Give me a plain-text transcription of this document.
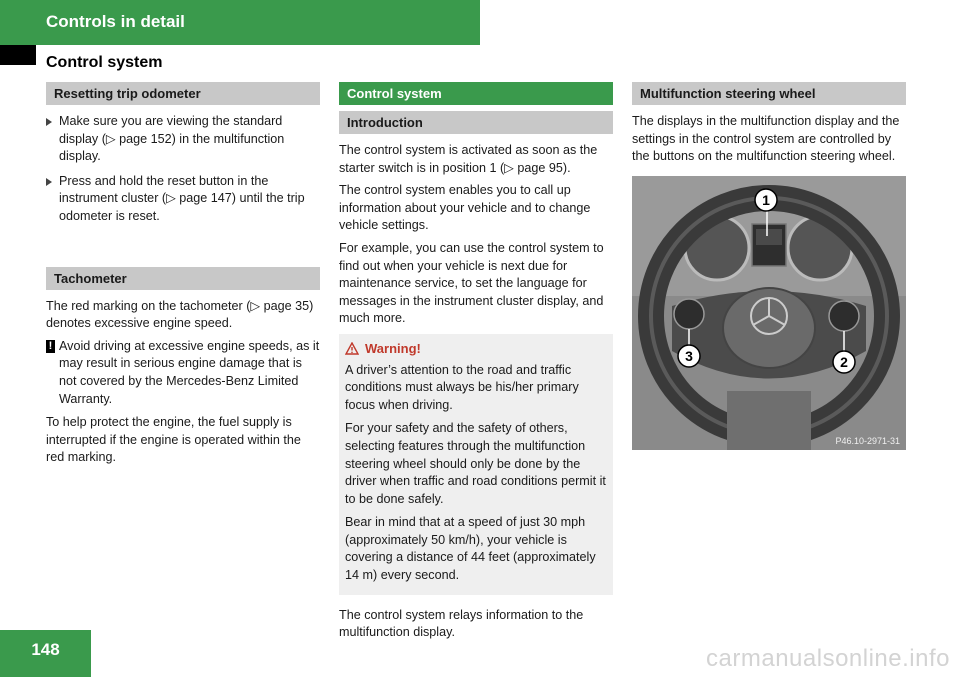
Controls in detail
Control system
Resetting trip odometer
Make sure you are viewing the standard display (▷ page 152) in the multifunction display.
Press and hold the reset button in the instrument cluster (▷ page 147) until the trip odometer is reset.
Tachometer

The red marking on the tachometer (▷ page 35) denotes excessive engine speed.

! Avoid driving at excessive engine speeds, as it may result in serious engine damage that is not covered by the Mercedes-Benz Limited Warranty.

To help protect the engine, the fuel supply is interrupted if the engine is operated within the red marking.

Control system
Introduction

The control system is activated as soon as the starter switch is in position 1 (▷ page 95).

The control system enables you to call up information about your vehicle and to change vehicle settings.

For example, you can use the control system to find out when your vehicle is next due for maintenance service, to set the language for messages in the instrument cluster display, and much more.

Warning!

A driver’s attention to the road and traffic conditions must always be his/her primary focus when driving.

For your safety and the safety of others, selecting features through the multifunction steering wheel should only be done by the driver when traffic and road conditions permit it to be done safely.

Bear in mind that at a speed of just 30 mph (approximately 50 km/h), your vehicle is covering a distance of 44 feet (approximately 14 m) every second.

The control system relays information to the multifunction display.

Multifunction steering wheel

The displays in the multifunction display and the settings in the control system are controlled by the buttons on the multifunction steering wheel.

1
2
3
P46.10-2971-31
148	carmanualsonline.info
